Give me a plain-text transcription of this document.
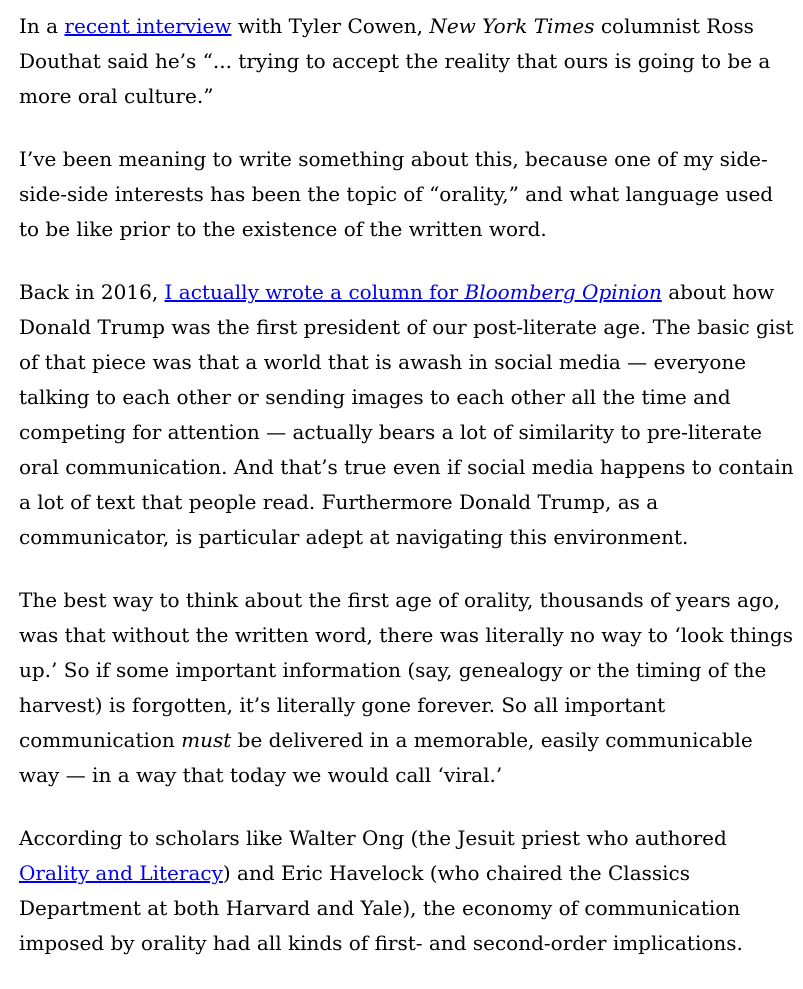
In a recent interview with Tyler Cowen, New York Times columnist Ross Douthat said he’s “... trying to accept the reality that ours is going to be a more oral culture.”

I’ve been meaning to write something about this, because one of my side-side-side interests has been the topic of “orality,” and what language used to be like prior to the existence of the written word.

Back in 2016, I actually wrote a column for Bloomberg Opinion about how Donald Trump was the first president of our post-literate age. The basic gist of that piece was that a world that is awash in social media — everyone talking to each other or sending images to each other all the time and competing for attention — actually bears a lot of similarity to pre-literate oral communication. And that’s true even if social media happens to contain a lot of text that people read. Furthermore Donald Trump, as a communicator, is particular adept at navigating this environment.

The best way to think about the first age of orality, thousands of years ago, was that without the written word, there was literally no way to ‘look things up.’ So if some important information (say, genealogy or the timing of the harvest) is forgotten, it’s literally gone forever. So all important communication must be delivered in a memorable, easily communicable way — in a way that today we would call ‘viral.’

According to scholars like Walter Ong (the Jesuit priest who authored Orality and Literacy) and Eric Havelock (who chaired the Classics Department at both Harvard and Yale), the economy of communication imposed by orality had all kinds of first- and second-order implications.
